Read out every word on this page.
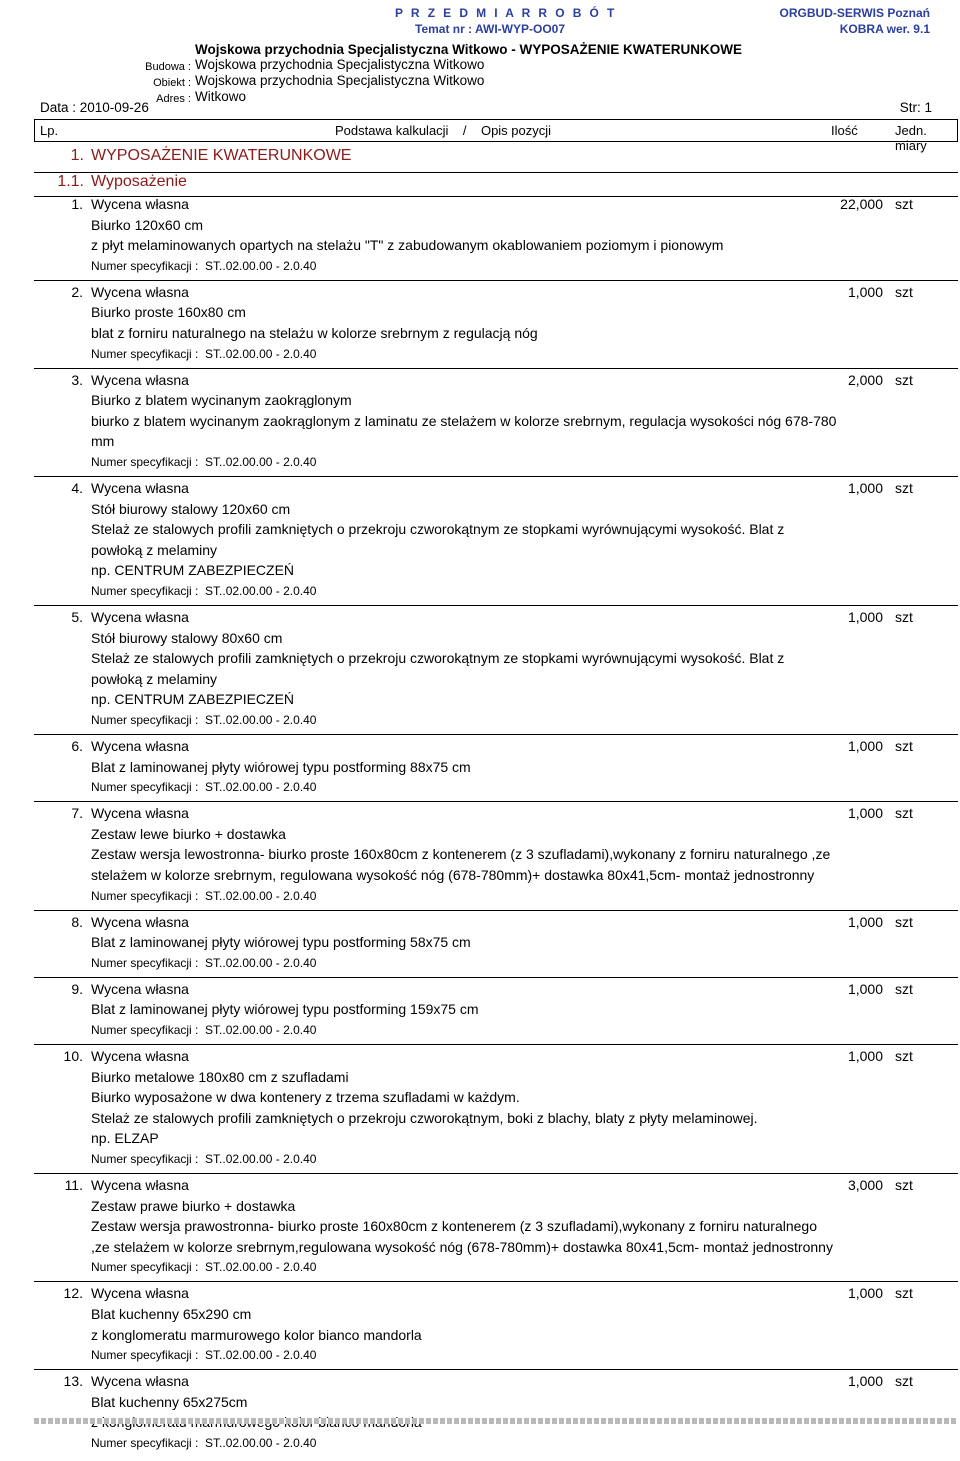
P R Z E D M I A R R O B Ó T
Temat nr : AWI-WYP-OO07
ORGBUD-SERWIS Poznań
KOBRA wer. 9.1
Wojskowa przychodnia Specjalistyczna Witkowo - WYPOSAŻENIE KWATERUNKOWE
Budowa : Wojskowa przychodnia Specjalistyczna Witkowo
Obiekt : Wojskowa przychodnia Specjalistyczna Witkowo
Adres : Witkowo
Data : 2010-09-26	Str: 1
Lp.	Podstawa kalkulacji    /    Opis pozycji	Ilość	Jedn. miary
1. WYPOSAŻENIE KWATERUNKOWE
1.1. Wyposażenie
1. Wycena własna
Biurko 120x60 cm
z płyt melaminowanych opartych na stelażu "T" z zabudowanym okablowaniem poziomym i pionowym
Numer specyfikacji :  ST..02.00.00 - 2.0.40
22,000 szt
2. Wycena własna
Biurko proste 160x80 cm
blat z forniru naturalnego na stelażu w kolorze srebrnym z regulacją nóg
Numer specyfikacji :  ST..02.00.00 - 2.0.40
1,000 szt
3. Wycena własna
Biurko z blatem wycinanym zaokrąglonym
biurko z blatem wycinanym zaokrąglonym z laminatu ze stelażem w kolorze srebrnym, regulacja wysokości nóg 678-780
mm
Numer specyfikacji :  ST..02.00.00 - 2.0.40
2,000 szt
4. Wycena własna
Stół biurowy stalowy 120x60 cm
Stelaż ze stalowych profili zamkniętych o przekroju czworokątnym ze stopkami wyrównującymi wysokość. Blat z
powłoką z melaminy
np. CENTRUM ZABEZPIECZEŃ
Numer specyfikacji :  ST..02.00.00 - 2.0.40
1,000 szt
5. Wycena własna
Stół biurowy stalowy 80x60 cm
Stelaż ze stalowych profili zamkniętych o przekroju czworokątnym ze stopkami wyrównującymi wysokość. Blat z
powłoką z melaminy
np. CENTRUM ZABEZPIECZEŃ
Numer specyfikacji :  ST..02.00.00 - 2.0.40
1,000 szt
6. Wycena własna
Blat z laminowanej płyty wiórowej typu postforming 88x75 cm
Numer specyfikacji :  ST..02.00.00 - 2.0.40
1,000 szt
7. Wycena własna
Zestaw lewe biurko + dostawka
Zestaw wersja lewostronna- biurko proste 160x80cm z kontenerem (z 3 szufladami),wykonany z forniru naturalnego ,ze
stelażem w kolorze srebrnym, regulowana wysokość nóg (678-780mm)+ dostawka 80x41,5cm- montaż jednostronny
Numer specyfikacji :  ST..02.00.00 - 2.0.40
1,000 szt
8. Wycena własna
Blat z laminowanej płyty wiórowej typu postforming 58x75 cm
Numer specyfikacji :  ST..02.00.00 - 2.0.40
1,000 szt
9. Wycena własna
Blat z laminowanej płyty wiórowej typu postforming 159x75 cm
Numer specyfikacji :  ST..02.00.00 - 2.0.40
1,000 szt
10. Wycena własna
Biurko metalowe 180x80 cm z szufladami
Biurko wyposażone w dwa kontenery z trzema szufladami w każdym.
Stelaż ze stalowych profili zamkniętych o przekroju czworokątnym, boki z blachy, blaty z płyty melaminowej.
np. ELZAP
Numer specyfikacji :  ST..02.00.00 - 2.0.40
1,000 szt
11. Wycena własna
Zestaw prawe biurko + dostawka
Zestaw wersja prawostronna- biurko proste 160x80cm z kontenerem (z 3 szufladami),wykonany z forniru naturalnego
,ze stelażem w kolorze srebrnym,regulowana wysokość nóg (678-780mm)+ dostawka 80x41,5cm- montaż jednostronny
Numer specyfikacji :  ST..02.00.00 - 2.0.40
3,000 szt
12. Wycena własna
Blat kuchenny 65x290 cm
z konglomeratu marmurowego kolor bianco mandorla
Numer specyfikacji :  ST..02.00.00 - 2.0.40
1,000 szt
13. Wycena własna
Blat kuchenny 65x275cm
Numer specyfikacji :  ST..02.00.00 - 2.0.40
1,000 szt
